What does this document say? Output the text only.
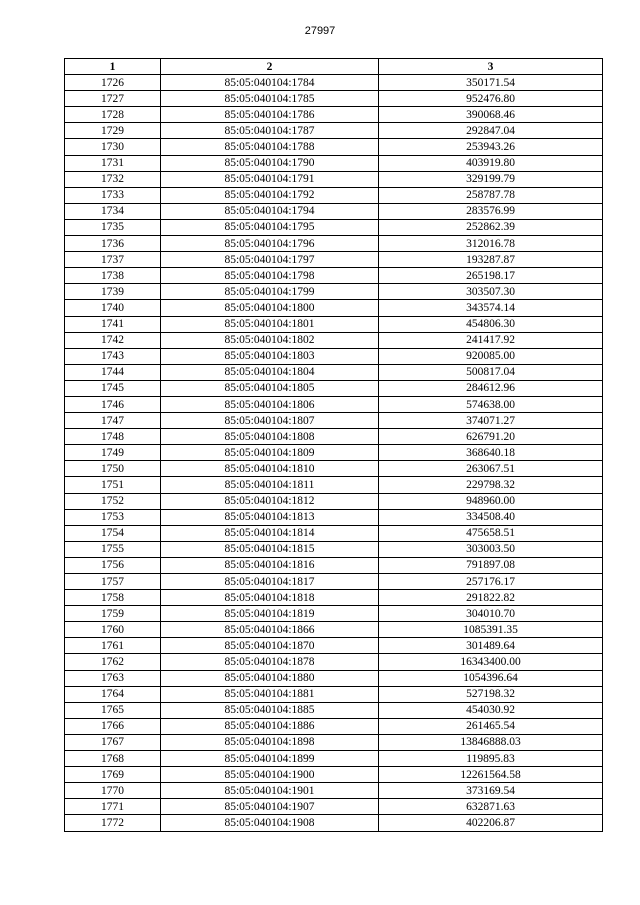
27997
1	2	3
1726	85:05:040104:1784	350171.54
1727	85:05:040104:1785	952476.80
1728	85:05:040104:1786	390068.46
1729	85:05:040104:1787	292847.04
1730	85:05:040104:1788	253943.26
1731	85:05:040104:1790	403919.80
1732	85:05:040104:1791	329199.79
1733	85:05:040104:1792	258787.78
1734	85:05:040104:1794	283576.99
1735	85:05:040104:1795	252862.39
1736	85:05:040104:1796	312016.78
1737	85:05:040104:1797	193287.87
1738	85:05:040104:1798	265198.17
1739	85:05:040104:1799	303507.30
1740	85:05:040104:1800	343574.14
1741	85:05:040104:1801	454806.30
1742	85:05:040104:1802	241417.92
1743	85:05:040104:1803	920085.00
1744	85:05:040104:1804	500817.04
1745	85:05:040104:1805	284612.96
1746	85:05:040104:1806	574638.00
1747	85:05:040104:1807	374071.27
1748	85:05:040104:1808	626791.20
1749	85:05:040104:1809	368640.18
1750	85:05:040104:1810	263067.51
1751	85:05:040104:1811	229798.32
1752	85:05:040104:1812	948960.00
1753	85:05:040104:1813	334508.40
1754	85:05:040104:1814	475658.51
1755	85:05:040104:1815	303003.50
1756	85:05:040104:1816	791897.08
1757	85:05:040104:1817	257176.17
1758	85:05:040104:1818	291822.82
1759	85:05:040104:1819	304010.70
1760	85:05:040104:1866	1085391.35
1761	85:05:040104:1870	301489.64
1762	85:05:040104:1878	16343400.00
1763	85:05:040104:1880	1054396.64
1764	85:05:040104:1881	527198.32
1765	85:05:040104:1885	454030.92
1766	85:05:040104:1886	261465.54
1767	85:05:040104:1898	13846888.03
1768	85:05:040104:1899	119895.83
1769	85:05:040104:1900	12261564.58
1770	85:05:040104:1901	373169.54
1771	85:05:040104:1907	632871.63
1772	85:05:040104:1908	402206.87
